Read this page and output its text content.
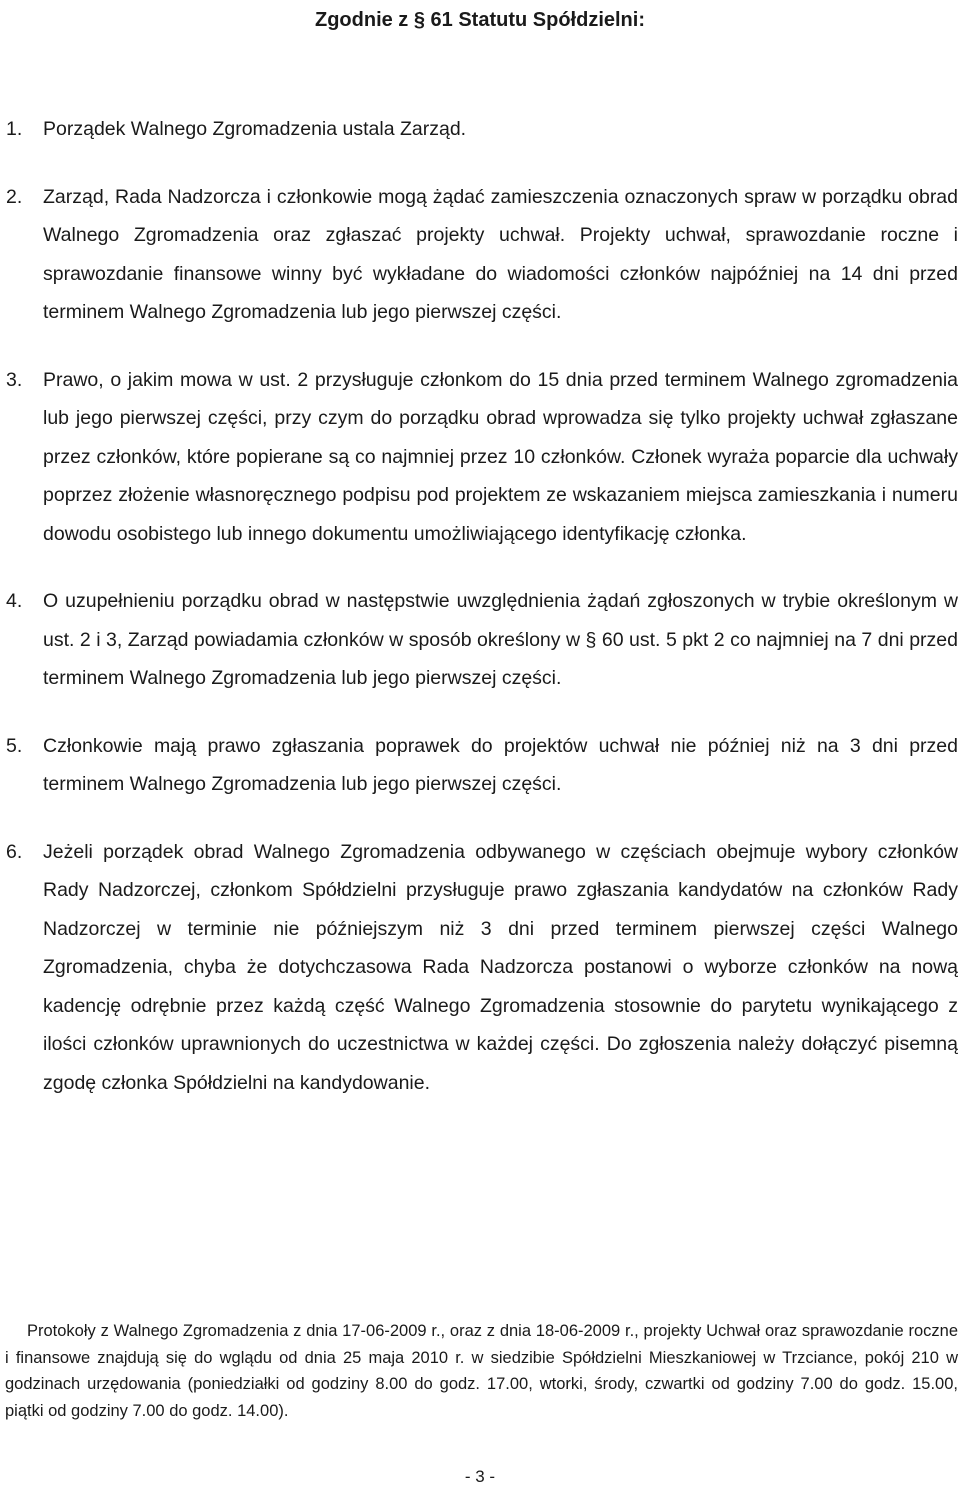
Zgodnie z § 61 Statutu Spółdzielni:
1. Porządek Walnego Zgromadzenia ustala Zarząd.
2. Zarząd, Rada Nadzorcza i członkowie mogą żądać zamieszczenia oznaczonych spraw w porządku obrad Walnego Zgromadzenia oraz zgłaszać projekty uchwał. Projekty uchwał, sprawozdanie roczne i sprawozdanie finansowe winny być wykładane do wiadomości członków najpóźniej na 14 dni przed terminem Walnego Zgromadzenia lub jego pierwszej części.
3. Prawo, o jakim mowa w ust. 2 przysługuje członkom do 15 dnia przed terminem Walnego zgromadzenia lub jego pierwszej części, przy czym do porządku obrad wprowadza się tylko projekty uchwał zgłaszane przez członków, które popierane są co najmniej przez 10 członków. Członek wyraża poparcie dla uchwały poprzez złożenie własnoręcznego podpisu pod projektem ze wskazaniem miejsca zamieszkania i numeru dowodu osobistego lub innego dokumentu umożliwiającego identyfikację członka.
4. O uzupełnieniu porządku obrad w następstwie uwzględnienia żądań zgłoszonych w trybie określonym w ust. 2 i 3, Zarząd powiadamia członków w sposób określony w § 60 ust. 5 pkt 2 co najmniej na 7 dni przed terminem Walnego Zgromadzenia lub jego pierwszej części.
5. Członkowie mają prawo zgłaszania poprawek do projektów uchwał nie później niż na 3 dni przed terminem Walnego Zgromadzenia lub jego pierwszej części.
6. Jeżeli porządek obrad Walnego Zgromadzenia odbywanego w częściach obejmuje wybory członków Rady Nadzorczej, członkom Spółdzielni przysługuje prawo zgłaszania kandydatów na członków Rady Nadzorczej w terminie nie późniejszym niż 3 dni przed terminem pierwszej części Walnego Zgromadzenia, chyba że dotychczasowa Rada Nadzorcza postanowi o wyborze członków na nową kadencję odrębnie przez każdą część Walnego Zgromadzenia stosownie do parytetu wynikającego z ilości członków uprawnionych do uczestnictwa w każdej części. Do zgłoszenia należy dołączyć pisemną zgodę członka Spółdzielni na kandydowanie.

Protokoły z Walnego Zgromadzenia z dnia 17-06-2009 r., oraz z dnia 18-06-2009 r., projekty Uchwał oraz sprawozdanie roczne i finansowe znajdują się do wglądu od dnia 25 maja 2010 r. w siedzibie Spółdzielni Mieszkaniowej w Trzciance, pokój 210 w godzinach urzędowania (poniedziałki od godziny 8.00 do godz. 17.00, wtorki, środy, czwartki od godziny 7.00 do godz. 15.00, piątki od godziny 7.00 do godz. 14.00).

- 3 -
